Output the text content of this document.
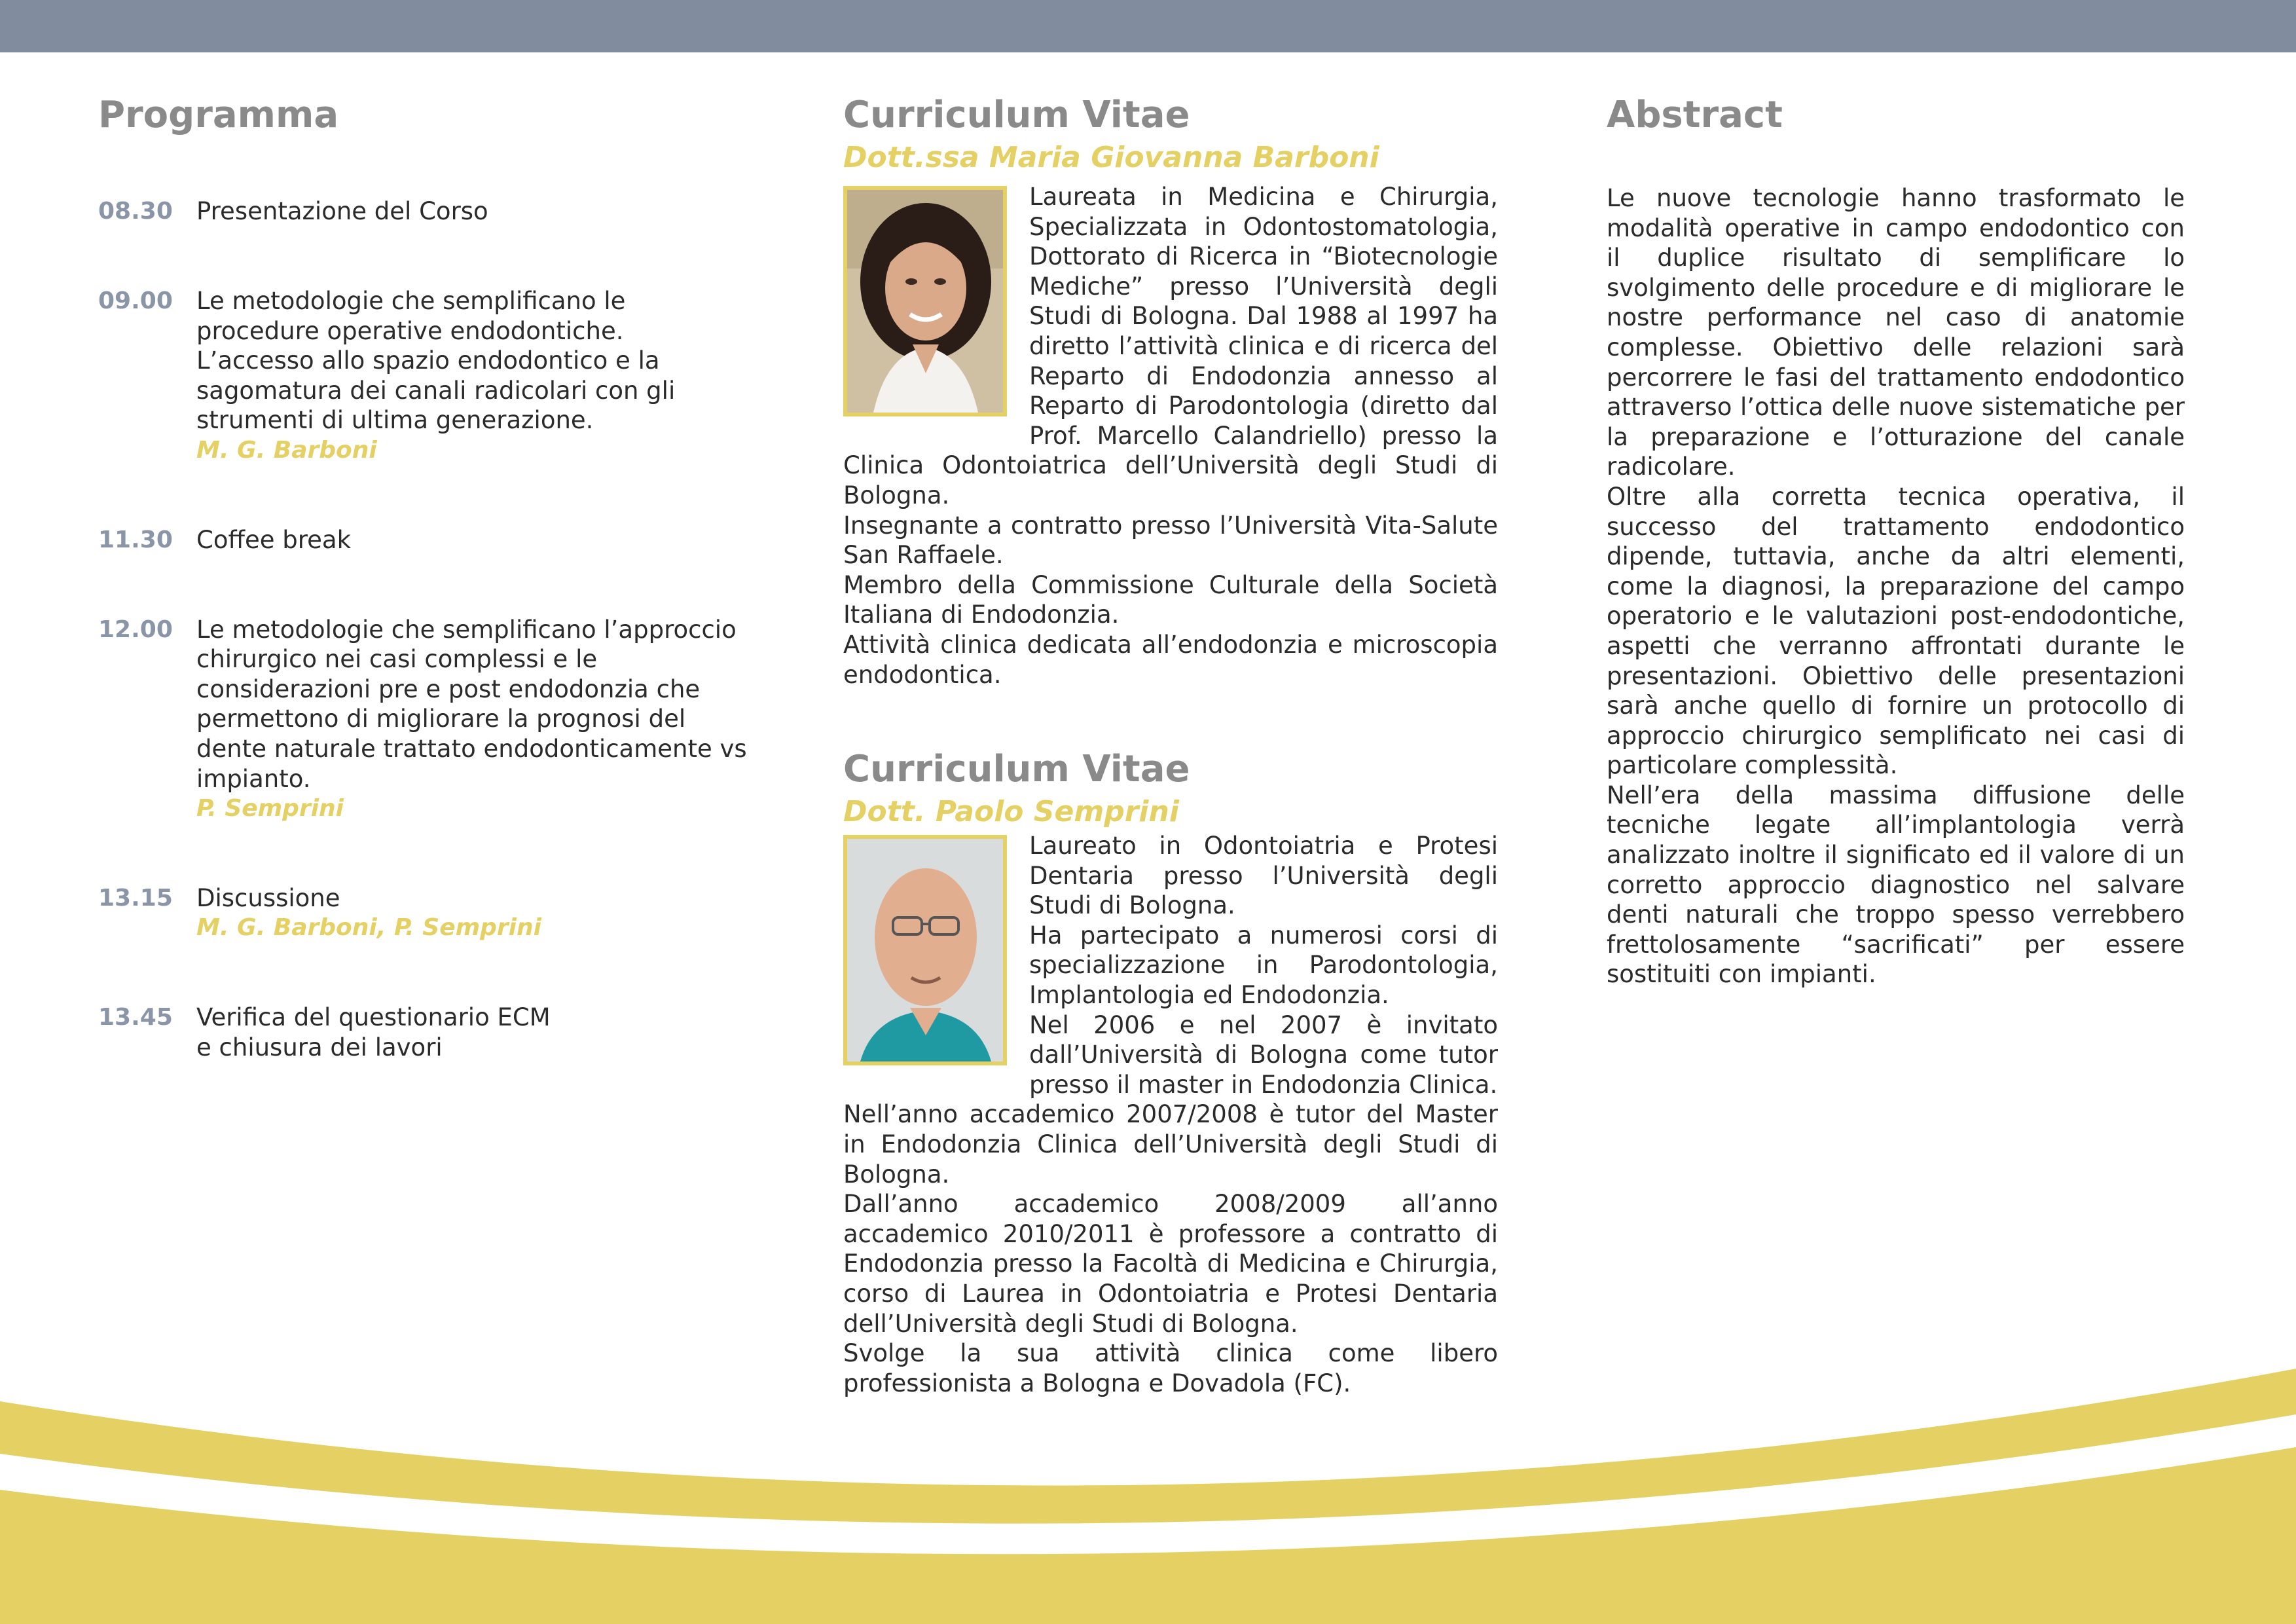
Programma
08.30 Presentazione del Corso

09.00 Le metodologie che semplificano le procedure operative endodontiche.

L’accesso allo spazio endodontico e la sagomatura dei canali radicolari con gli strumenti di ultima generazione.

M. G. Barboni
11.30 Coffee break

12.00 Le metodologie che semplificano l’approccio chirurgico nei casi complessi e le considerazioni pre e post endodonzia che permettono di migliorare la prognosi del dente naturale trattato endodonticamente vs impianto.

P. Semprini
13.15 Discussione

M. G. Barboni, P. Semprini
13.45 Verifica del questionario ECM e chiusura dei lavori

Curriculum Vitae
Dott.ssa Maria Giovanna Barboni

Laureata in Medicina e Chirurgia, Specializzata in Odontostomatologia, Dottorato di Ricerca in “Biotecnologie Mediche” presso l’Università degli Studi di Bologna. Dal 1988 al 1997 ha diretto l’attività clinica e di ricerca del Reparto di Endodonzia annesso al Reparto di Parodontologia (diretto dal Prof. Marcello Calandriello) presso la Clinica Odontoiatrica dell’Università degli Studi di Bologna.

Insegnante a contratto presso l’Università Vita-Salute San Raffaele.

Membro della Commissione Culturale della Società Italiana di Endodonzia.

Attività clinica dedicata all’endodonzia e microscopia endodontica.

Curriculum Vitae
Dott. Paolo Semprini

Laureato in Odontoiatria e Protesi Dentaria presso l’Università degli Studi di Bologna.

Ha partecipato a numerosi corsi di specializzazione in Parodontologia, Implantologia ed Endodonzia.

Nel 2006 e nel 2007 è invitato dall’Università di Bologna come tutor presso il master in Endodonzia Clinica.

Nell’anno accademico 2007/2008 è tutor del Master in Endodonzia Clinica dell’Università degli Studi di Bologna.

Dall’anno accademico 2008/2009 all’anno accademico 2010/2011 è professore a contratto di Endodonzia presso la Facoltà di Medicina e Chirurgia, corso di Laurea in Odontoiatria e Protesi Dentaria dell’Università degli Studi di Bologna.

Svolge la sua attività clinica come libero professionista a Bologna e Dovadola (FC).

Abstract

Le nuove tecnologie hanno trasformato le modalità operative in campo endodontico con il duplice risultato di semplificare lo svolgimento delle procedure e di migliorare le nostre performance nel caso di anatomie complesse. Obiettivo delle relazioni sarà percorrere le fasi del trattamento endodontico attraverso l’ottica delle nuove sistematiche per la preparazione e l’otturazione del canale radicolare.

Oltre alla corretta tecnica operativa, il successo del trattamento endodontico dipende, tuttavia, anche da altri elementi, come la diagnosi, la preparazione del campo operatorio e le valutazioni post-endodontiche, aspetti che verranno affrontati durante le presentazioni. Obiettivo delle presentazioni sarà anche quello di fornire un protocollo di approccio chirurgico semplificato nei casi di particolare complessità.

Nell’era della massima diffusione delle tecniche legate all’implantologia verrà analizzato inoltre il significato ed il valore di un corretto approccio diagnostico nel salvare denti naturali che troppo spesso verrebbero frettolosamente “sacrificati” per essere sostituiti con impianti.
